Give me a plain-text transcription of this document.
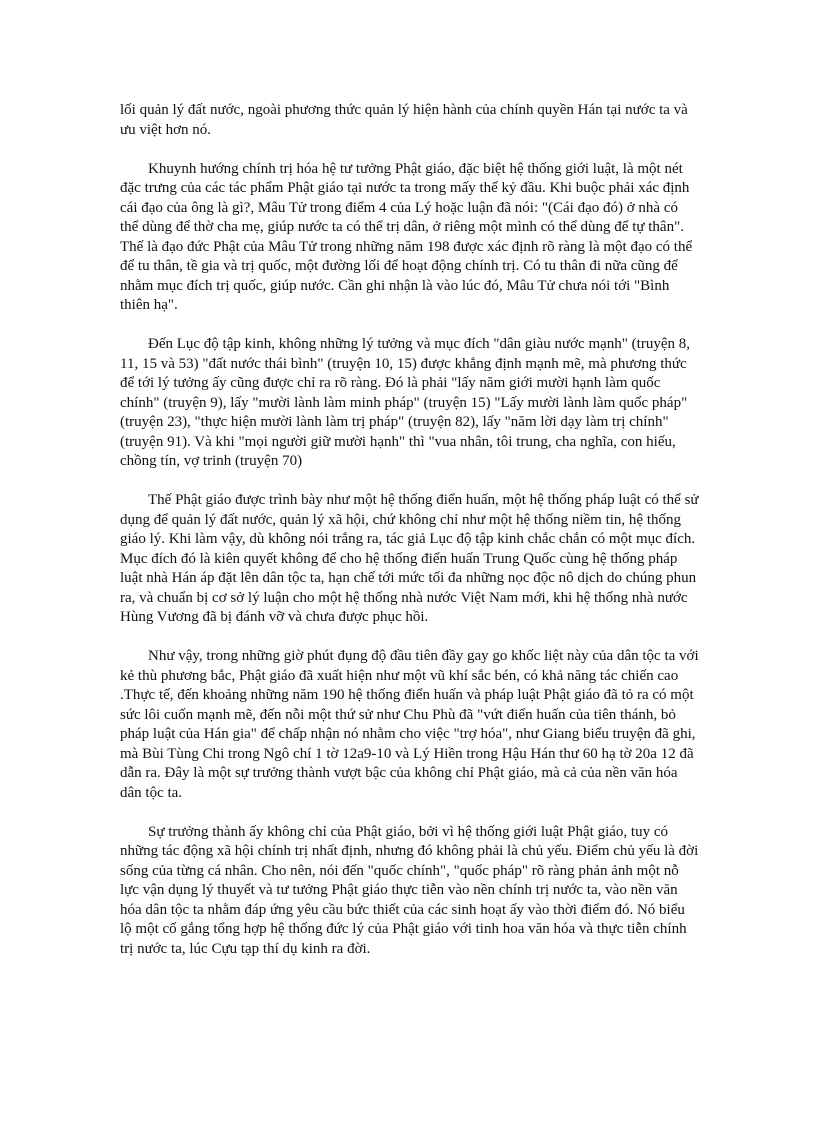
lối quản lý đất nước, ngoài phương thức quản lý hiện hành của chính quyền Hán tại nước ta và ưu việt hơn nó.

Khuynh hướng chính trị hóa hệ tư tưởng Phật giáo, đặc biệt hệ thống giới luật, là một nét đặc trưng của các tác phẩm Phật giáo tại nước ta trong mấy thế kỷ đầu. Khi buộc phải xác định cái đạo của ông là gì?, Mâu Tử trong điểm 4 của Lý hoặc luận đã nói: "(Cái đạo đó) ở nhà có thể dùng để thờ cha mẹ, giúp nước ta có thể trị dân, ở riêng một mình có thể dùng để tự thân". Thế là đạo đức Phật của Mâu Tử trong những năm 198 được xác định rõ ràng là một đạo có thể để tu thân, tề gia và trị quốc, một đường lối để hoạt động chính trị. Có tu thân đi nữa cũng để nhằm mục đích trị quốc, giúp nước. Cần ghi nhận là vào lúc đó, Mâu Tử chưa nói tới "Bình thiên hạ".

Đến Lục độ tập kinh, không những lý tưởng và mục đích "dân giàu nước mạnh" (truyện 8, 11, 15 và 53) "đất nước thái bình" (truyện 10, 15) được khẳng định mạnh mẽ, mà phương thức để tới lý tưởng ấy cũng được chỉ ra rõ ràng. Đó là phải "lấy năm giới mười hạnh làm quốc chính" (truyện 9), lấy "mười lành làm minh pháp" (truyện 15) "Lấy mười lành làm quốc pháp" (truyện 23), "thực hiện mười lành làm trị pháp" (truyện 82), lấy "năm lời dạy làm trị chính" (truyện 91). Và khi "mọi người giữ mười hạnh" thì "vua nhân, tôi trung, cha nghĩa, con hiếu, chồng tín, vợ trinh (truyện 70)

Thế Phật giáo được trình bày như một hệ thống điển huấn, một hệ thống pháp luật có thể sử dụng để quản lý đất nước, quản lý xã hội, chứ không chỉ như một hệ thống niềm tin, hệ thống giáo lý. Khi làm vậy, dù không nói trắng ra, tác giả Lục độ tập kinh chắc chắn có một mục đích. Mục đích đó là kiên quyết không để cho hệ thống điển huấn Trung Quốc cùng hệ thống pháp luật nhà Hán áp đặt lên dân tộc ta, hạn chế tới mức tối đa những nọc độc nô dịch do chúng phun ra, và chuẩn bị cơ sở lý luận cho một hệ thống nhà nước Việt Nam mới, khi hệ thống nhà nước Hùng Vương đã bị đánh vỡ và chưa được phục hồi.

Như vậy, trong những giờ phút đụng độ đầu tiên đầy gay go khốc liệt này của dân tộc ta với kẻ thù phương bắc, Phật giáo đã xuất hiện như một vũ khí sắc bén, có khả năng tác chiến cao .Thực tế, đến khoảng những năm 190 hệ thống điển huấn và pháp luật Phật giáo đã tỏ ra có một sức lôi cuốn mạnh mẽ, đến nỗi một thứ sử như Chu Phù đã "vứt điển huấn của tiên thánh, bỏ pháp luật của Hán gia" để chấp nhận nó nhằm cho việc "trợ hóa", như Giang biểu truyện đã ghi, mà Bùi Tùng Chi trong Ngô chí 1 tờ 12a9-10 và Lý Hiền trong Hậu Hán thư 60 hạ tờ 20a 12 đã dẫn ra. Đây là một sự trưởng thành vượt bậc của không chỉ Phật giáo, mà cả của nền văn hóa dân tộc ta.

Sự trưởng thành ấy không chỉ của Phật giáo, bởi vì hệ thống giới luật Phật giáo, tuy có những tác động xã hội chính trị nhất định, nhưng đó không phải là chủ yếu. Điểm chủ yếu là đời sống của từng cá nhân. Cho nên, nói đến "quốc chính", "quốc pháp" rõ ràng phản ảnh một nỗ lực vận dụng lý thuyết và tư tưởng Phật giáo thực tiễn vào nền chính trị nước ta, vào nền văn hóa dân tộc ta nhằm đáp ứng yêu cầu bức thiết của các sinh hoạt ấy vào thời điểm đó. Nó biểu lộ một cố gắng tổng hợp hệ thống đức lý của Phật giáo với tinh hoa văn hóa và thực tiễn chính trị nước ta, lúc Cựu tạp thí dụ kinh ra đời.
